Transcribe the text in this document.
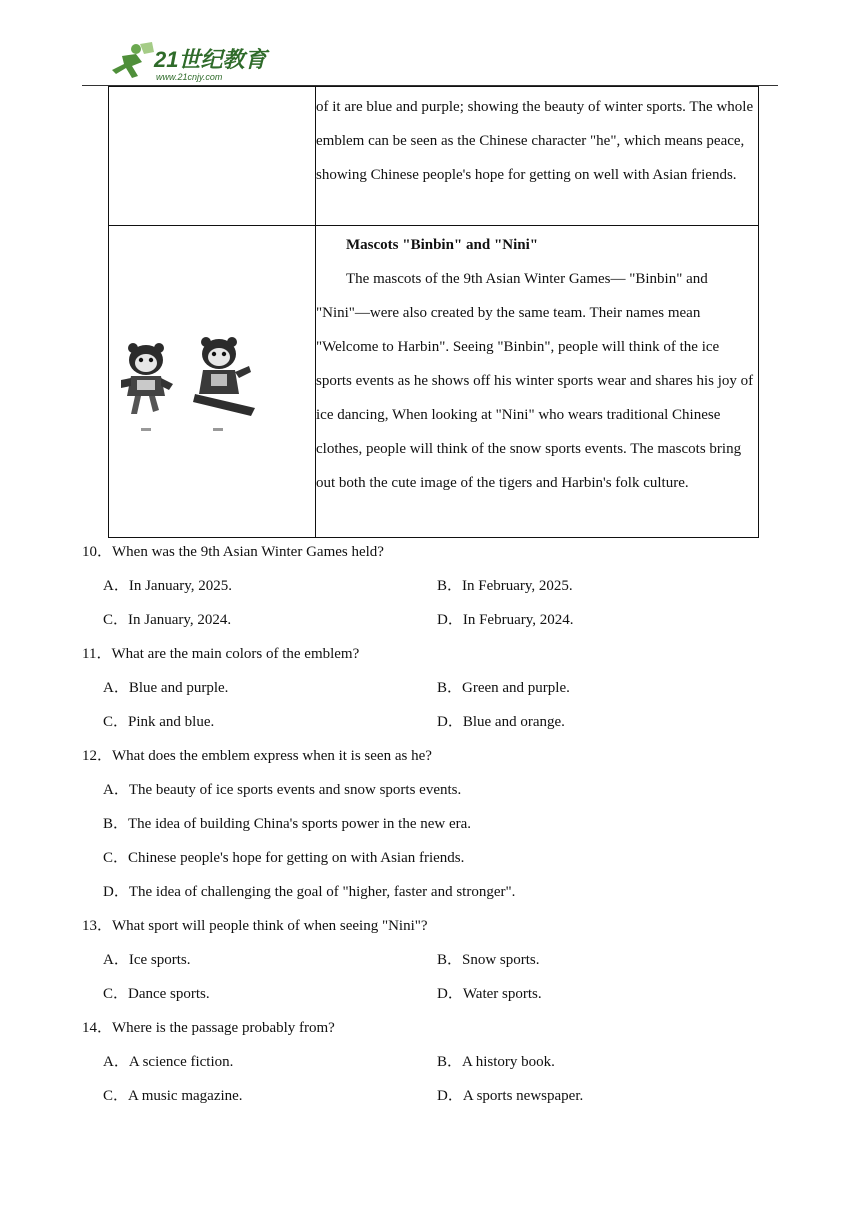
21世纪教育
www.21cnjy.com

	of it are blue and purple; showing the beauty of winter sports. The whole emblem can be seen as the Chinese character "he", which means peace, showing Chinese people's hope for getting on well with Asian friends.

Mascots "Binbin" and "Nini"

The mascots of the 9th Asian Winter Games— "Binbin" and "Nini"—were also created by the same team. Their names mean "Welcome to Harbin". Seeing "Binbin", people will think of the ice sports events as he shows off his winter sports wear and shares his joy of ice dancing, When looking at "Nini" who wears traditional Chinese clothes, people will think of the snow sports events. The mascots bring out both the cute image of the tigers and Harbin's folk culture.

10．When was the 9th Asian Winter Games held?
A．In January, 2025.	B．In February, 2025.
C．In January, 2024.	D．In February, 2024.
11．What are the main colors of the emblem?
A．Blue and purple.	B．Green and purple.
C．Pink and blue.	D．Blue and orange.
12．What does the emblem express when it is seen as he?
A．The beauty of ice sports events and snow sports events.
B．The idea of building China's sports power in the new era.
C．Chinese people's hope for getting on with Asian friends.
D．The idea of challenging the goal of "higher, faster and stronger".
13．What sport will people think of when seeing "Nini"?
A．Ice sports.	B．Snow sports.
C．Dance sports.	D．Water sports.
14．Where is the passage probably from?
A．A science fiction.	B．A history book.
C．A music magazine.	D．A sports newspaper.
